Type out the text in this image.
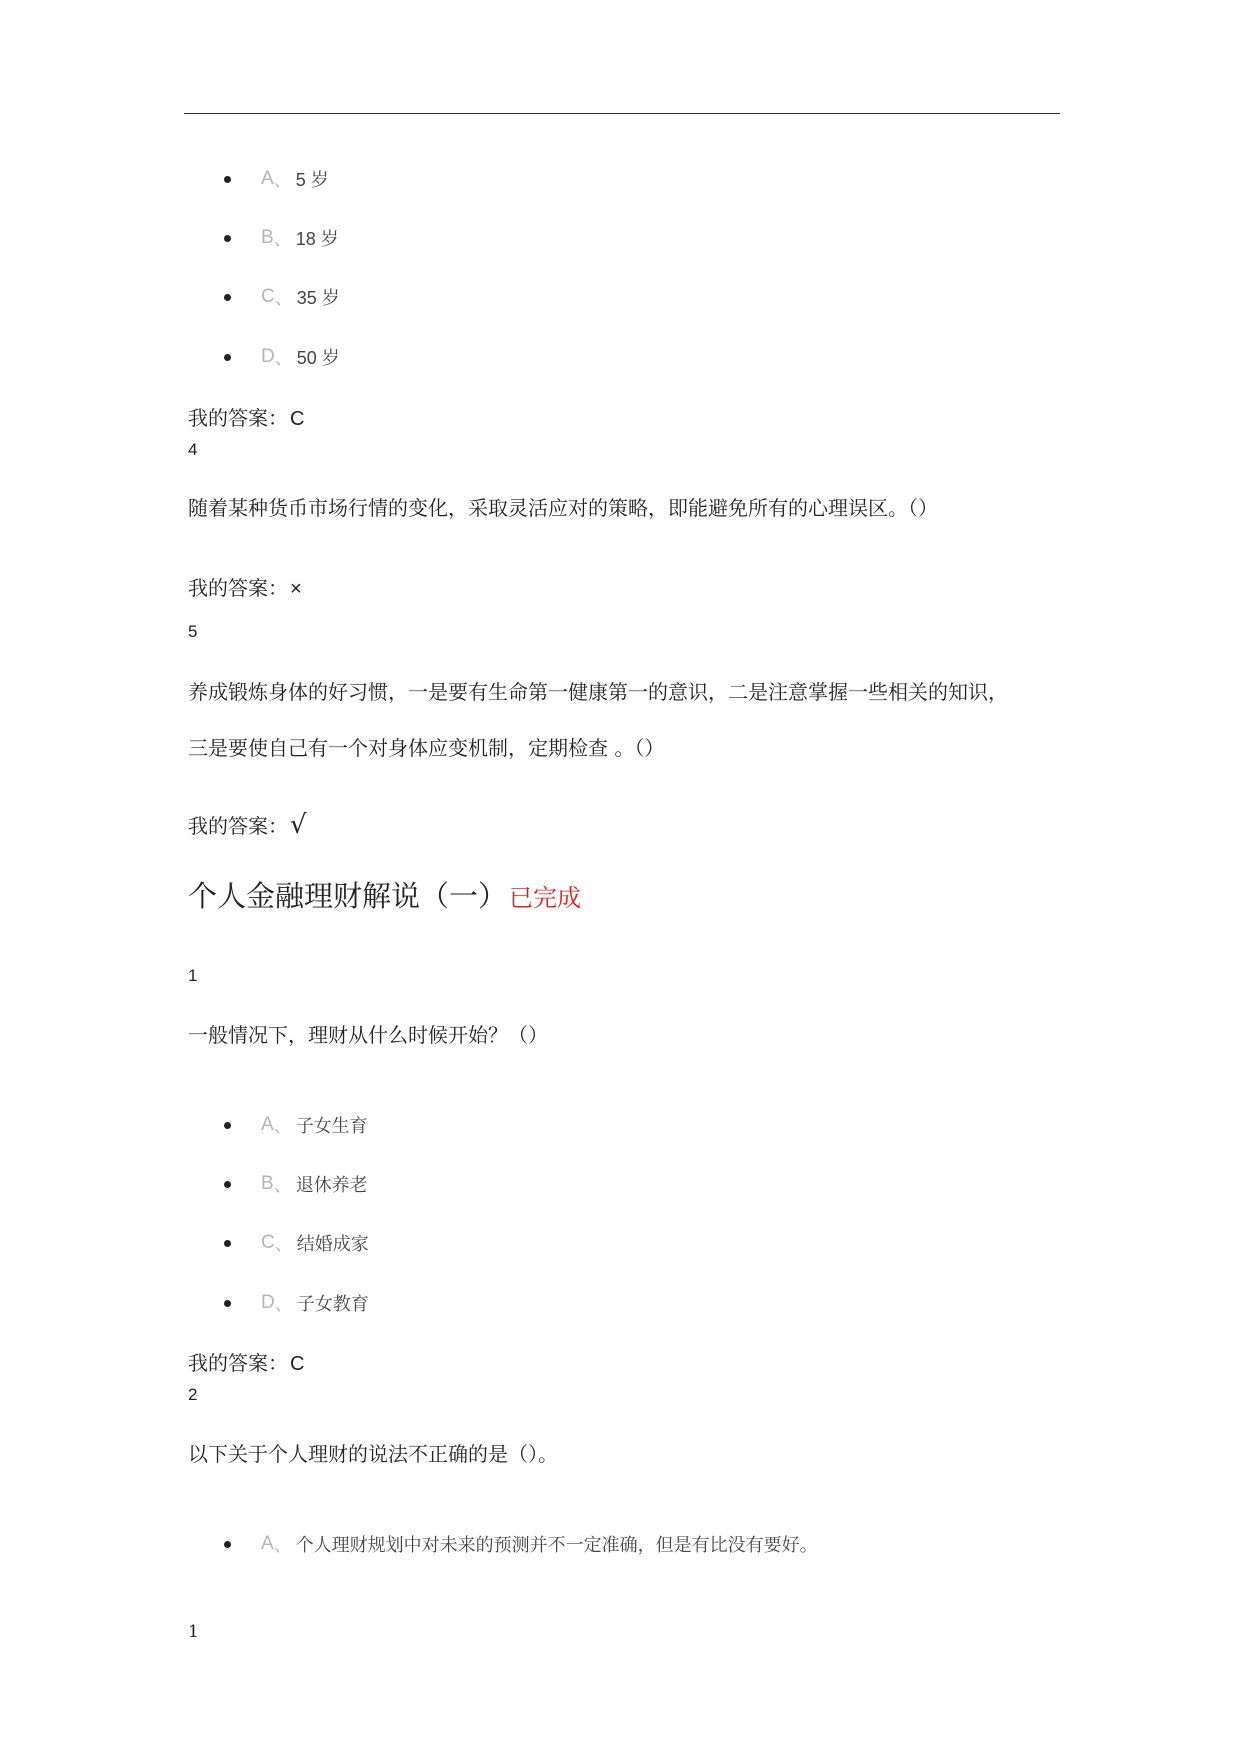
A 、 5 岁
B 、 18 岁
C 、 35 岁
D 、 50 岁
我的答案： C
4
随着某种货币市场行情的变化，采取灵活应对的策略，即能避免所有的心理误区。（）
我的答案： ×
5
养成锻炼身体的好习惯，一是要有生命第一健康第一的意识，二是注意掌握一些相关的知识，
三是要使自己有一个对身体应变机制，定期检查 。（）
我的答案：√
个人金融理财解说（一）已完成
1
一般情况下，理财从什么时候开始？（）
A 、 子女生育
B 、 退休养老
C 、 结婚成家
D 、 子女教育
我的答案： C
2
以下关于个人理财的说法不正确的是（）。
A 、 个人理财规划中对未来的预测并不一定准确，但是有比没有要好。
1
